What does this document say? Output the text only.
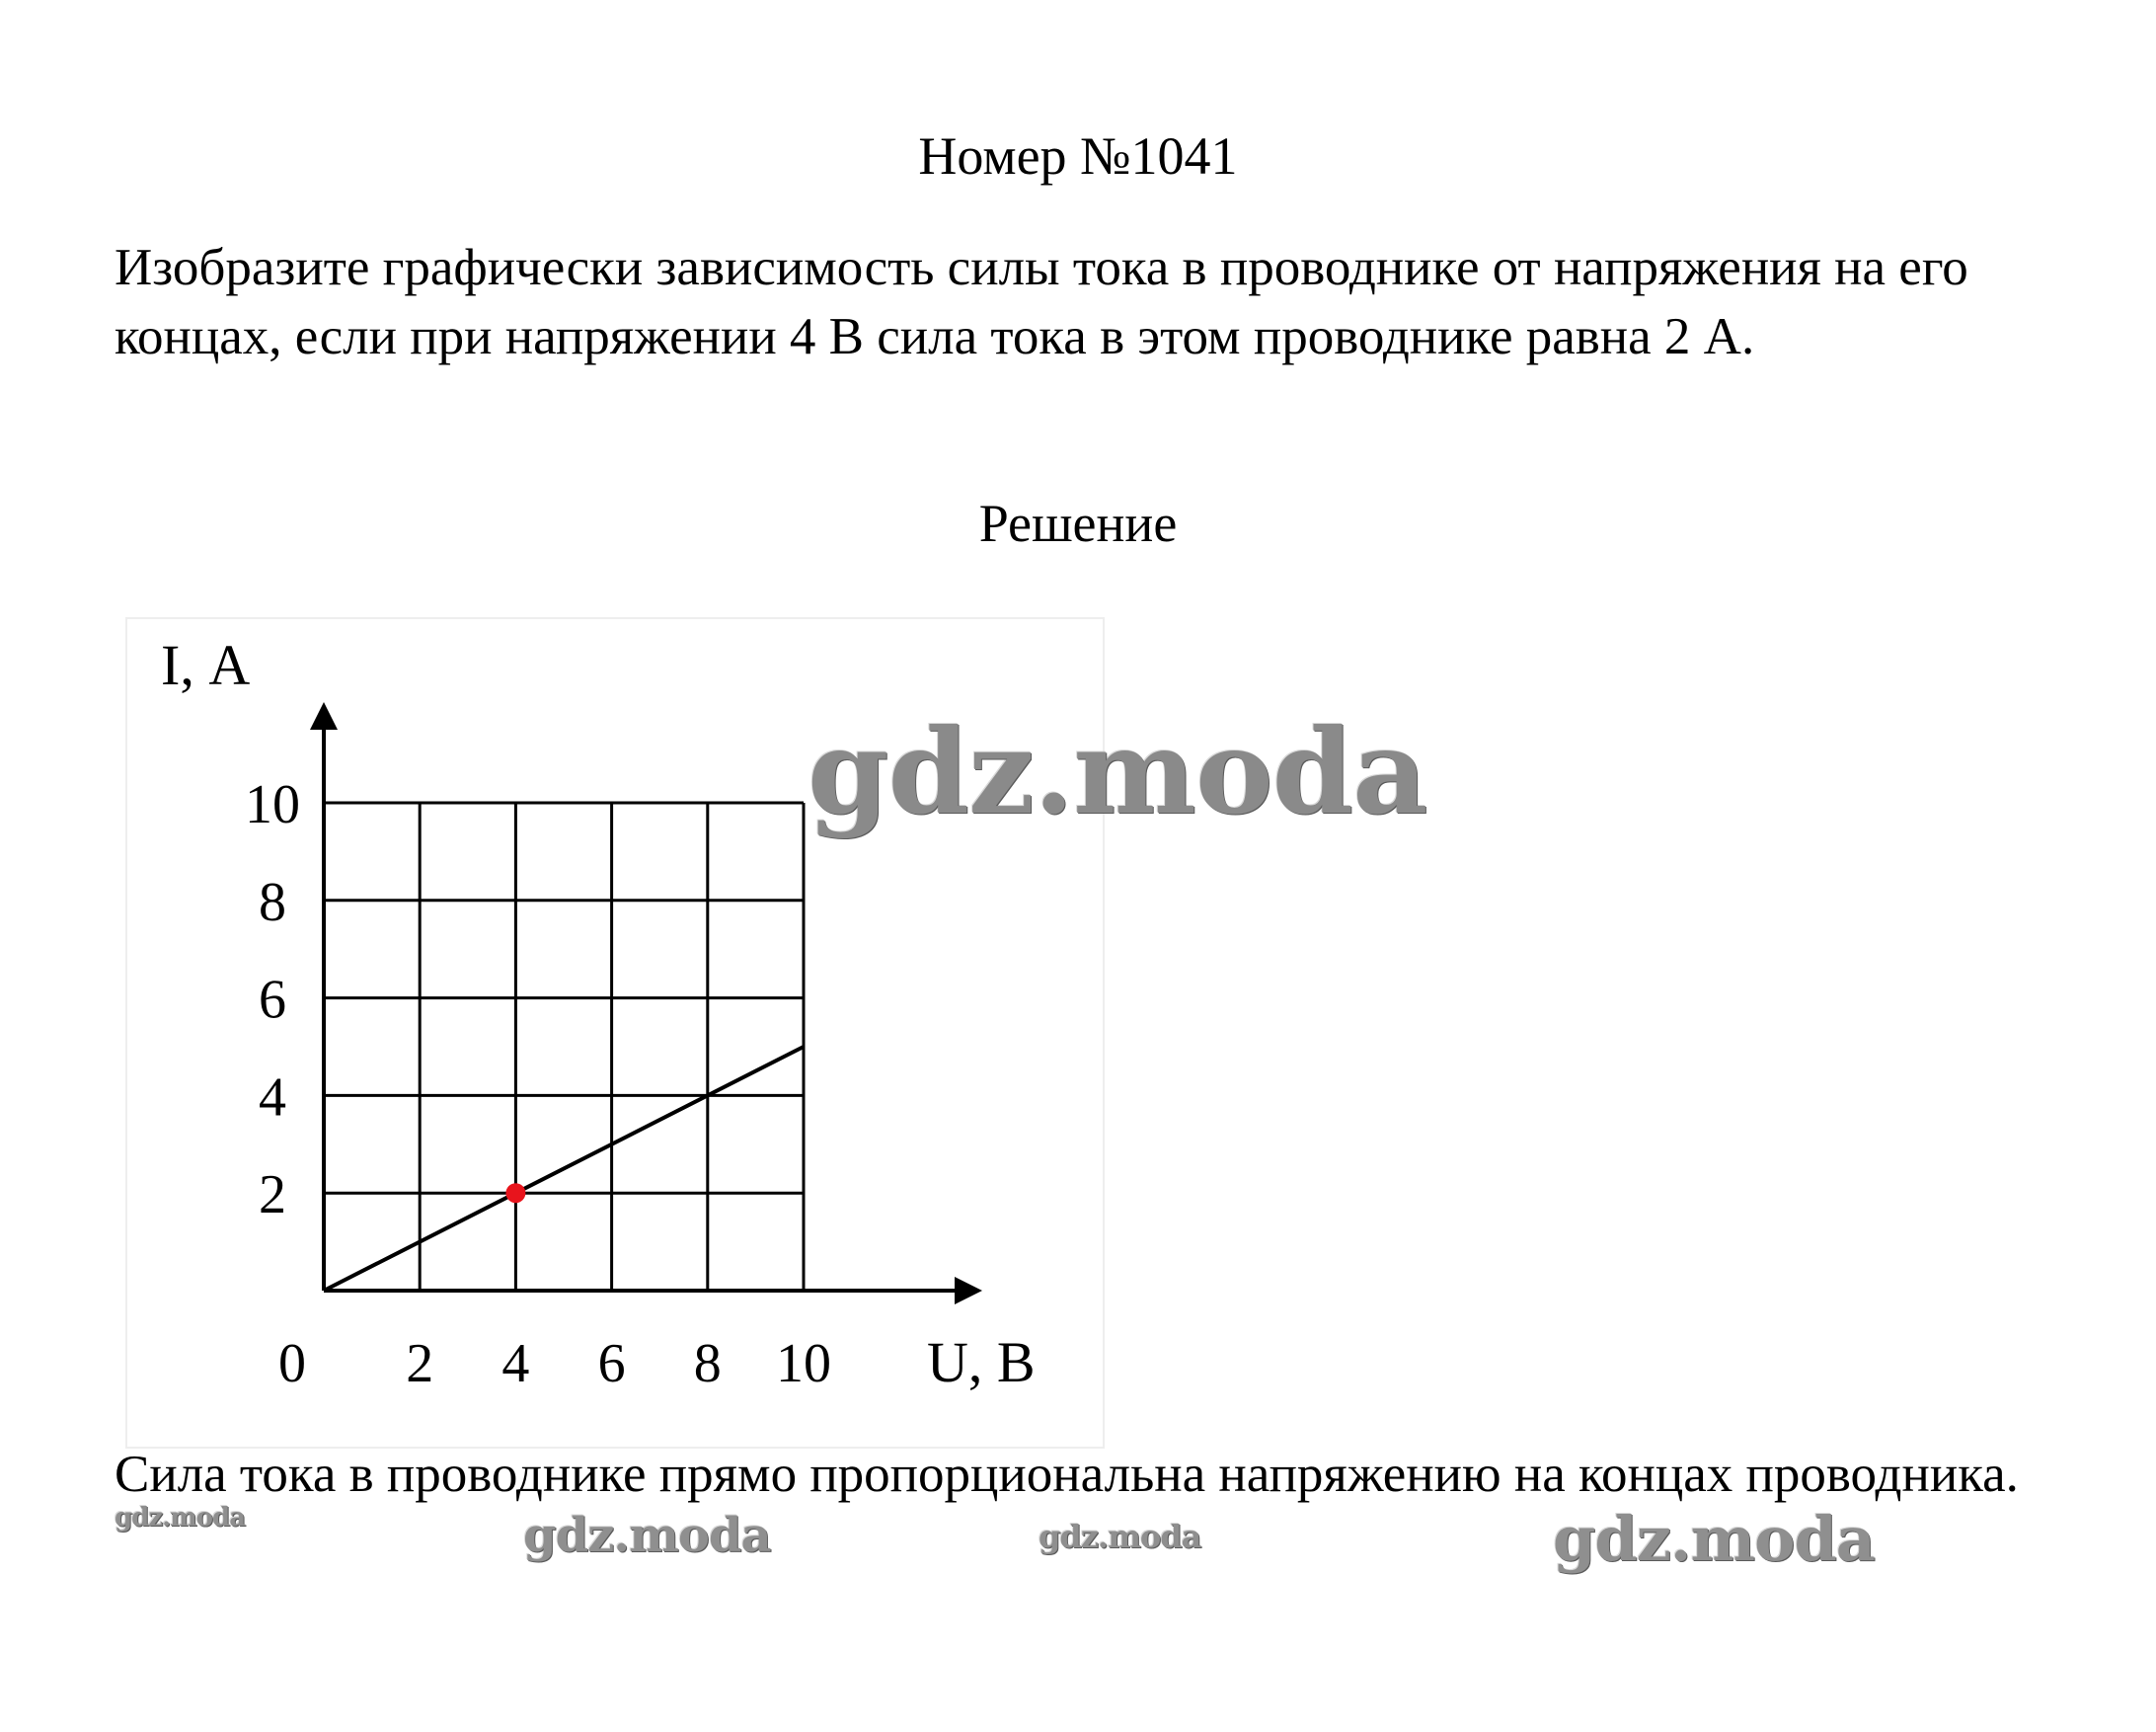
Номер №1041
Изобразите графически зависимость силы тока в проводнике от напряжения на его концах, если при напряжении 4 В сила тока в этом проводнике равна 2 А.
Решение
2
4
6
8
10
2 4 6 8 10
0
I, А
U, В
Сила тока в проводнике прямо пропорциональна напряжению на концах проводника.
gdz.moda
gdz.moda	gdz.moda	gdz.moda	gdz.moda
